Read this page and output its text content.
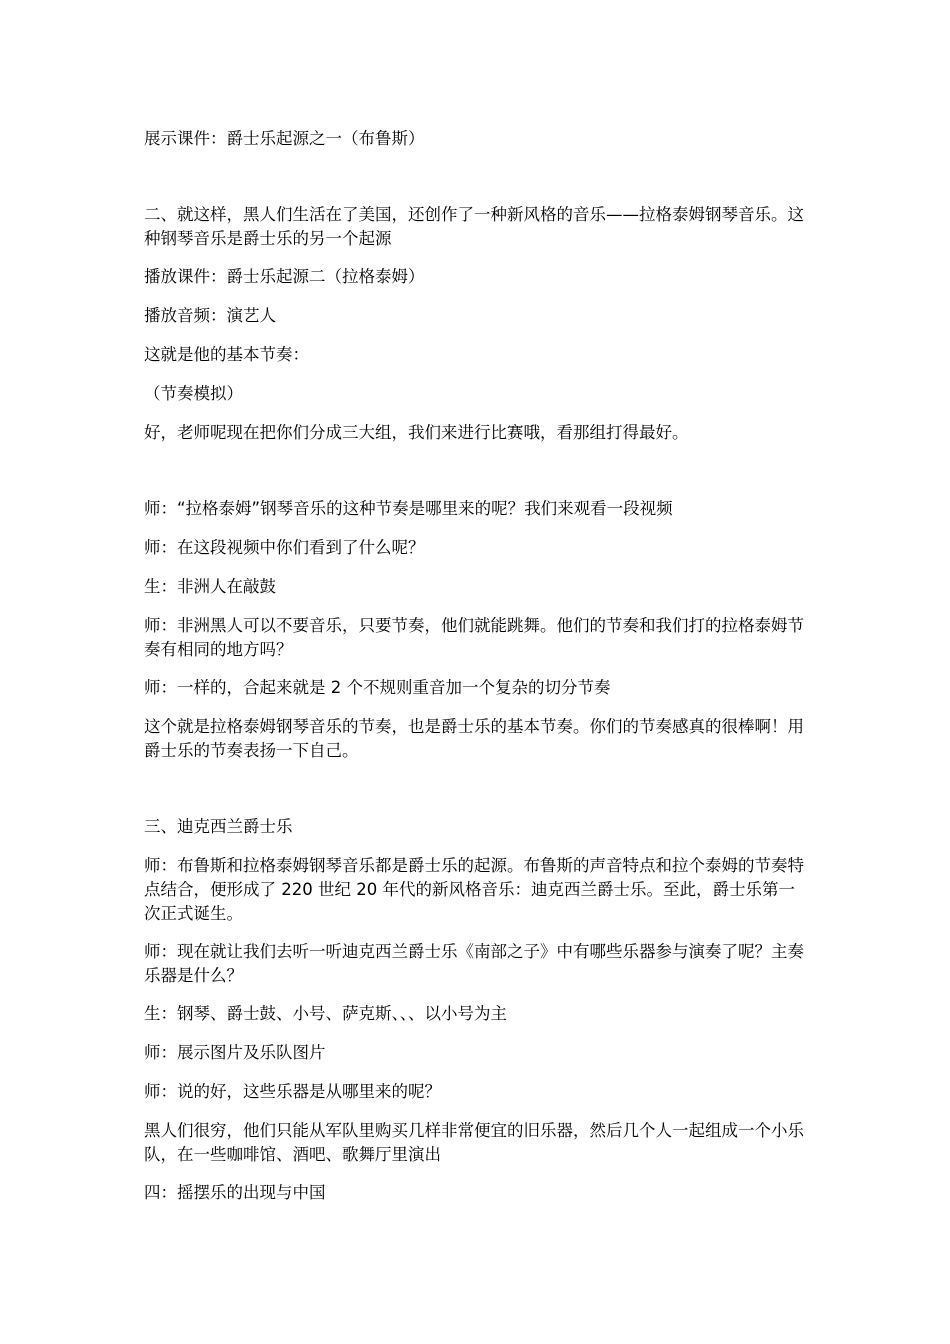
展示课件：爵士乐起源之一（布鲁斯）

二、就这样，黑人们生活在了美国，还创作了一种新风格的音乐——拉格泰姆钢琴音乐。这种钢琴音乐是爵士乐的另一个起源

播放课件：爵士乐起源二（拉格泰姆）

播放音频：演艺人

这就是他的基本节奏：

（节奏模拟）

好，老师呢现在把你们分成三大组，我们来进行比赛哦，看那组打得最好。

师：“拉格泰姆”钢琴音乐的这种节奏是哪里来的呢？我们来观看一段视频

师：在这段视频中你们看到了什么呢？

生：非洲人在敲鼓

师：非洲黑人可以不要音乐，只要节奏，他们就能跳舞。他们的节奏和我们打的拉格泰姆节奏有相同的地方吗？

师：一样的，合起来就是 2 个不规则重音加一个复杂的切分节奏

这个就是拉格泰姆钢琴音乐的节奏，也是爵士乐的基本节奏。你们的节奏感真的很棒啊！用爵士乐的节奏表扬一下自己。

三、迪克西兰爵士乐

师：布鲁斯和拉格泰姆钢琴音乐都是爵士乐的起源。布鲁斯的声音特点和拉个泰姆的节奏特点结合，便形成了 220 世纪 20 年代的新风格音乐：迪克西兰爵士乐。至此，爵士乐第一次正式诞生。

师：现在就让我们去听一听迪克西兰爵士乐《南部之子》中有哪些乐器参与演奏了呢？主奏乐器是什么？

生：钢琴、爵士鼓、小号、萨克斯、、、以小号为主

师：展示图片及乐队图片

师：说的好，这些乐器是从哪里来的呢？

黑人们很穷，他们只能从军队里购买几样非常便宜的旧乐器，然后几个人一起组成一个小乐队，在一些咖啡馆、酒吧、歌舞厅里演出

四：摇摆乐的出现与中国
